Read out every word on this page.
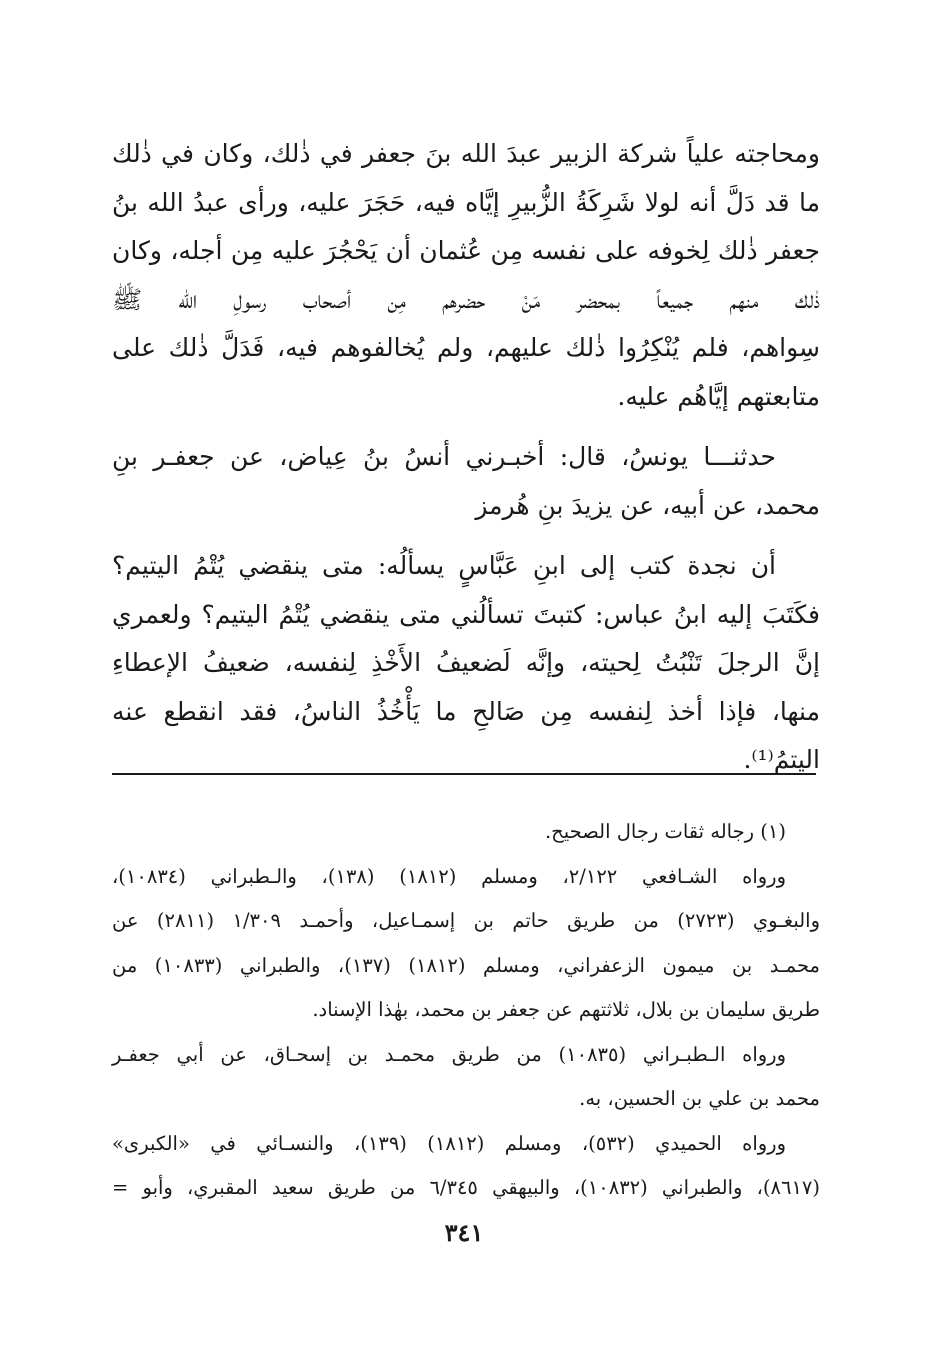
ومحاجته علياً شركة الزبير عبدَ الله بنَ جعفر في ذٰلك، وكان في ذٰلك
ما قد دَلَّ أنه لولا شَرِكَةُ الزُّبيرِ إيَّاه فيه، حَجَرَ عليه، ورأى عبدُ الله بنُ
جعفر ذٰلك لِخوفه على نفسه مِن عُثمان أن يَحْجُرَ عليه مِن أجله، وكان
ذٰلك منهم جميعاً بمحضر مَنْ حضرهم مِن أصحاب رسولِ الله ﷺ
سِواهم، فلم يُنْكِرُوا ذٰلك عليهم، ولم يُخالفوهم فيه، فَدَلَّ ذٰلك على
متابعتهم إيَّاهُم عليه.

حدثنـــا يونسُ، قال: أخبـرني أنسُ بنُ عِياض، عن جعفـر بنِ
محمد، عن أبيه، عن يزيدَ بنِ هُرمز

أن نجدة كتب إلى ابنِ عَبَّاسٍ يسألُه: متى ينقضي يُتْمُ اليتيم؟
فكَتَبَ إليه ابنُ عباس: كتبتَ تسألُني متى ينقضي يُتْمُ اليتيم؟ ولعمري
إنَّ الرجلَ تَنْبُتُ لِحيته، وإنَّه لَضعيفُ الأَخْذِ لِنفسه، ضعيفُ الإعطاءِ
منها، فإذا أخذ لِنفسه مِن صَالحِ ما يَأْخُذُ الناسُ، فقد انقطع عنه
اليتمُ⁽¹⁾.

(١) رجاله ثقات رجال الصحيح.

ورواه الشـافعي ٢/١٢٢، ومسلم (١٨١٢) (١٣٨)، والـطبراني (١٠٨٣٤)،
والبغـوي (٢٧٢٣) من طريق حاتم بن إسمـاعيل، وأحمـد ١/٣٠٩ (٢٨١١) عن
محمـد بن ميمون الزعفراني، ومسلم (١٨١٢) (١٣٧)، والطبراني (١٠٨٣٣) من
طريق سليمان بن بلال، ثلاثتهم عن جعفر بن محمد، بهٰذا الإسناد.

ورواه الـطبـراني (١٠٨٣٥) من طريق محمـد بن إسحـاق، عن أبي جعفـر
محمد بن علي بن الحسين، به.

ورواه الحميدي (٥٣٢)، ومسلم (١٨١٢) (١٣٩)، والنسـائي في «الكبرى»
(٨٦١٧)، والطبراني (١٠٨٣٢)، والبيهقي ٦/٣٤٥ من طريق سعيد المقبري، وأبو =

٣٤١
